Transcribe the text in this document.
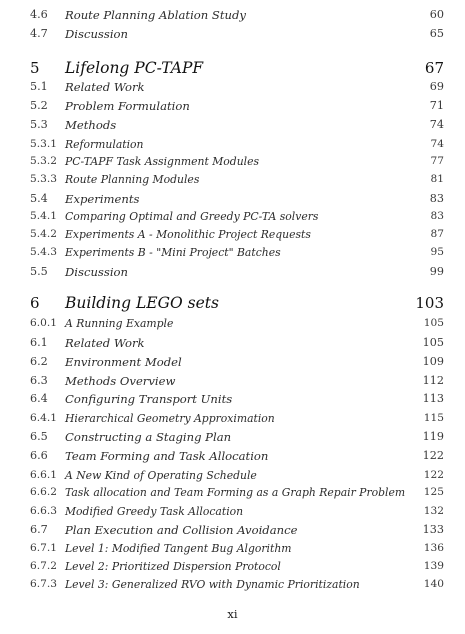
4.6 Route Planning Ablation Study	60
4.7 Discussion	65
5 Lifelong PC-TAPF	67
5.1 Related Work	69
5.2 Problem Formulation	71
5.3 Methods	74
5.3.1 Reformulation	74
5.3.2 PC-TAPF Task Assignment Modules	77
5.3.3 Route Planning Modules	81
5.4 Experiments	83
5.4.1 Comparing Optimal and Greedy PC-TA solvers	83
5.4.2 Experiments A - Monolithic Project Requests	87
5.4.3 Experiments B - "Mini Project" Batches	95
5.5 Discussion	99
6 Building LEGO sets	103
6.0.1 A Running Example	105
6.1 Related Work	105
6.2 Environment Model	109
6.3 Methods Overview	112
6.4 Configuring Transport Units	113
6.4.1 Hierarchical Geometry Approximation	115
6.5 Constructing a Staging Plan	119
6.6 Team Forming and Task Allocation	122
6.6.1 A New Kind of Operating Schedule	122
6.6.2 Task allocation and Team Forming as a Graph Repair Problem 125
6.6.3 Modified Greedy Task Allocation	132
6.7 Plan Execution and Collision Avoidance	133
6.7.1 Level 1: Modified Tangent Bug Algorithm	136
6.7.2 Level 2: Prioritized Dispersion Protocol	139
6.7.3 Level 3: Generalized RVO with Dynamic Prioritization	140
xi
